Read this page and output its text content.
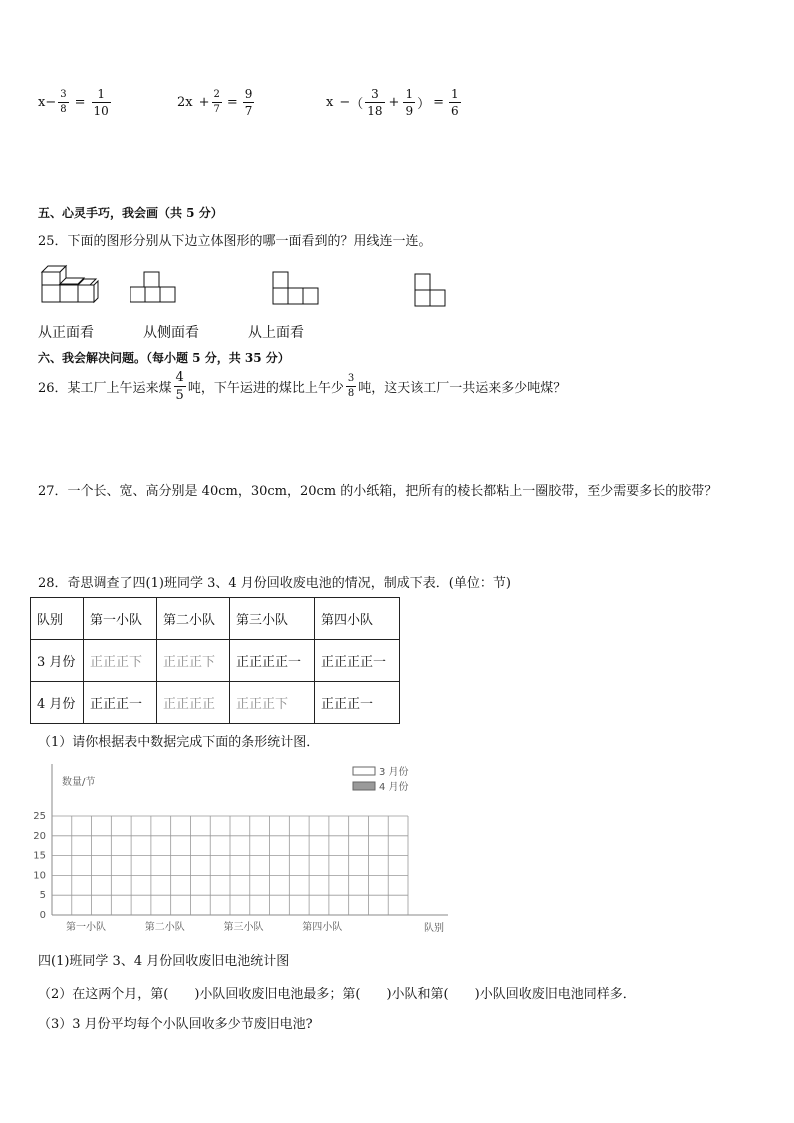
$x - \frac{3}{8} = \frac{1}{10}$	$2x + \frac{2}{7} = \frac{9}{7}$	x − （ $\frac{3}{18} + \frac{1}{9}$ ） = $\frac{1}{6}$
五、心灵手巧，我会画（共 5 分）
25．下面的图形分别从下边立体图形的哪一面看到的？用线连一连。
从正面看	从侧面看	从上面看
六、我会解决问题。（每小题 5 分，共 35 分）
26．某工厂上午运来煤 $\frac{4}{5}$ 吨，下午运进的煤比上午少 $\frac{3}{8}$ 吨，这天该工厂一共运来多少吨煤？
27．一个长、宽、高分别是 40cm，30cm，20cm 的小纸箱，把所有的棱长都粘上一圈胶带，至少需要多长的胶带？
28．奇思调查了四(1)班同学 3、4 月份回收废电池的情况，制成下表．(单位：节)
队别	第一小队	第二小队	第三小队	第四小队
3 月份	正正正下	正正正下	正正正正一	正正正正一
4 月份	正正正一	正正正正	正正正下	正正正一
（1）请你根据表中数据完成下面的条形统计图．
数量/节
3 月份
4 月份
0
5
10
15
20
25
第一小队	第二小队	第三小队	第四小队	队别
四(1)班同学 3、4 月份回收废旧电池统计图
（2）在这两个月，第(　　)小队回收废旧电池最多；第(　　)小队和第(　　)小队回收废旧电池同样多．
（3）3 月份平均每个小队回收多少节废旧电池?
